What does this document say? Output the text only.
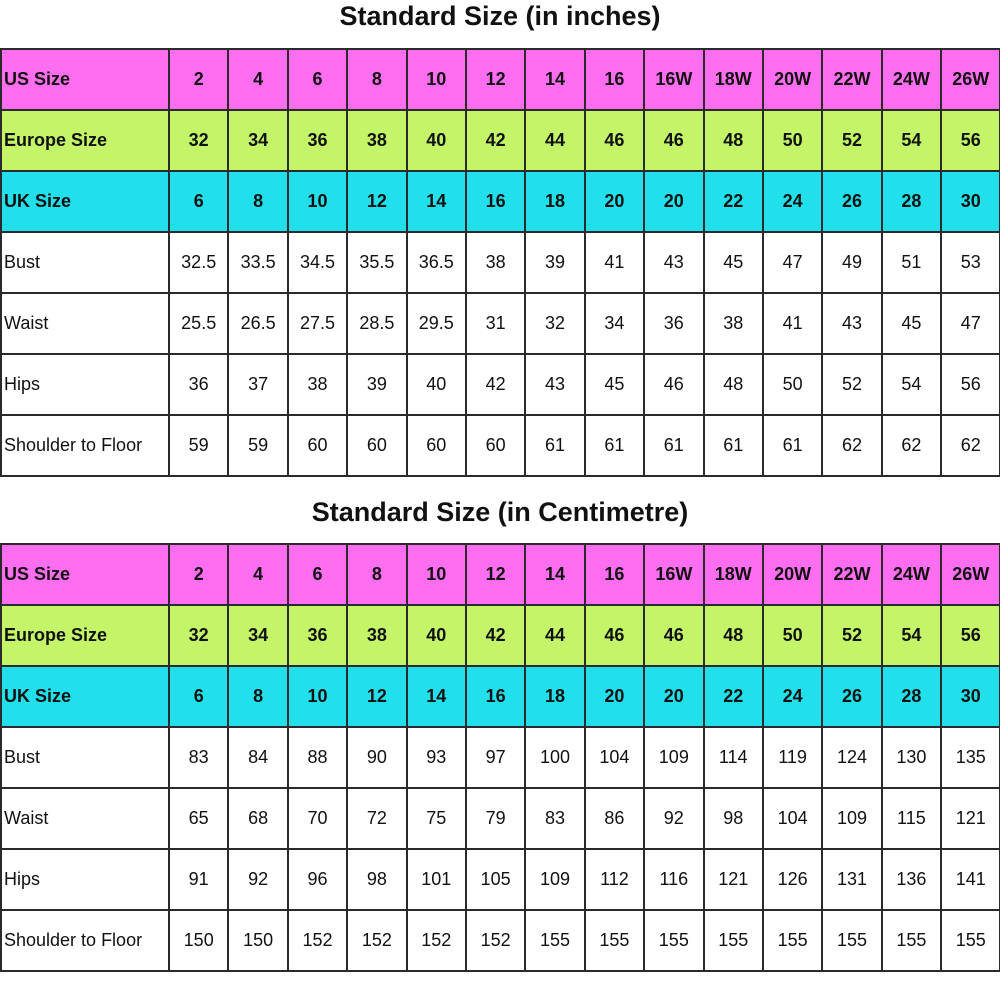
Standard Size (in inches)
US Size	2	4	6	8	10	12	14	16	16W	18W	20W	22W	24W	26W
Europe Size	32	34	36	38	40	42	44	46	46	48	50	52	54	56
UK Size	6	8	10	12	14	16	18	20	20	22	24	26	28	30
Bust	32.5	33.5	34.5	35.5	36.5	38	39	41	43	45	47	49	51	53
Waist	25.5	26.5	27.5	28.5	29.5	31	32	34	36	38	41	43	45	47
Hips	36	37	38	39	40	42	43	45	46	48	50	52	54	56
Shoulder to Floor	59	59	60	60	60	60	61	61	61	61	61	62	62	62
Standard Size (in Centimetre)
US Size	2	4	6	8	10	12	14	16	16W	18W	20W	22W	24W	26W
Europe Size	32	34	36	38	40	42	44	46	46	48	50	52	54	56
UK Size	6	8	10	12	14	16	18	20	20	22	24	26	28	30
Bust	83	84	88	90	93	97	100	104	109	114	119	124	130	135
Waist	65	68	70	72	75	79	83	86	92	98	104	109	115	121
Hips	91	92	96	98	101	105	109	112	116	121	126	131	136	141
Shoulder to Floor	150	150	152	152	152	152	155	155	155	155	155	155	155	155
